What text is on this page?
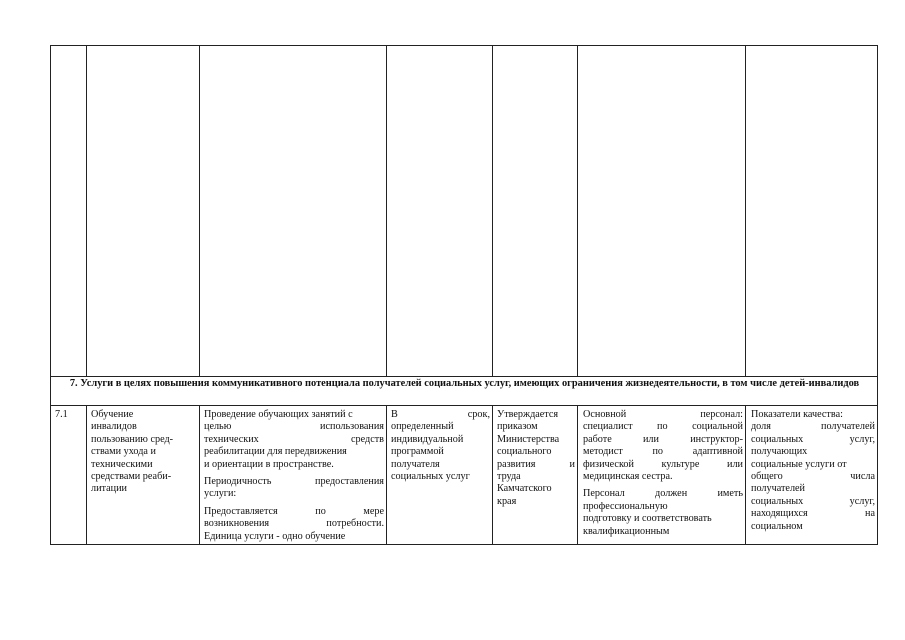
7. Услуги в целях повышения коммуникативного потенциала получателей социальных услуг, имеющих ограничения жизнедеятельности, в том числе детей-инвалидов
7.1	Обучение
инвалидов
пользованию сред-
ствами ухода и
техническими
средствами реаби-
литации
Проведение обучающих занятий с
целью использования
технических средств
реабилитации для передвижения
и ориентации в пространстве.
Периодичность предоставления
услуги:
Предоставляется по мере
возникновения потребности.
Единица услуги - одно обучение
В срок,
определенный
индивидуальной
программой
получателя
социальных услуг
Утверждается
приказом
Министерства
социального
развития и
труда
Камчатского
края
Основной персонал:
специалист по социальной
работе или инструктор-
методист по адаптивной
физической культуре или
медицинская сестра.
Персонал должен иметь
профессиональную
подготовку и соответствовать
квалификационным
Показатели качества:
доля получателей
социальных услуг,
получающих
социальные услуги от
общего числа
получателей
социальных услуг,
находящихся на
социальном
